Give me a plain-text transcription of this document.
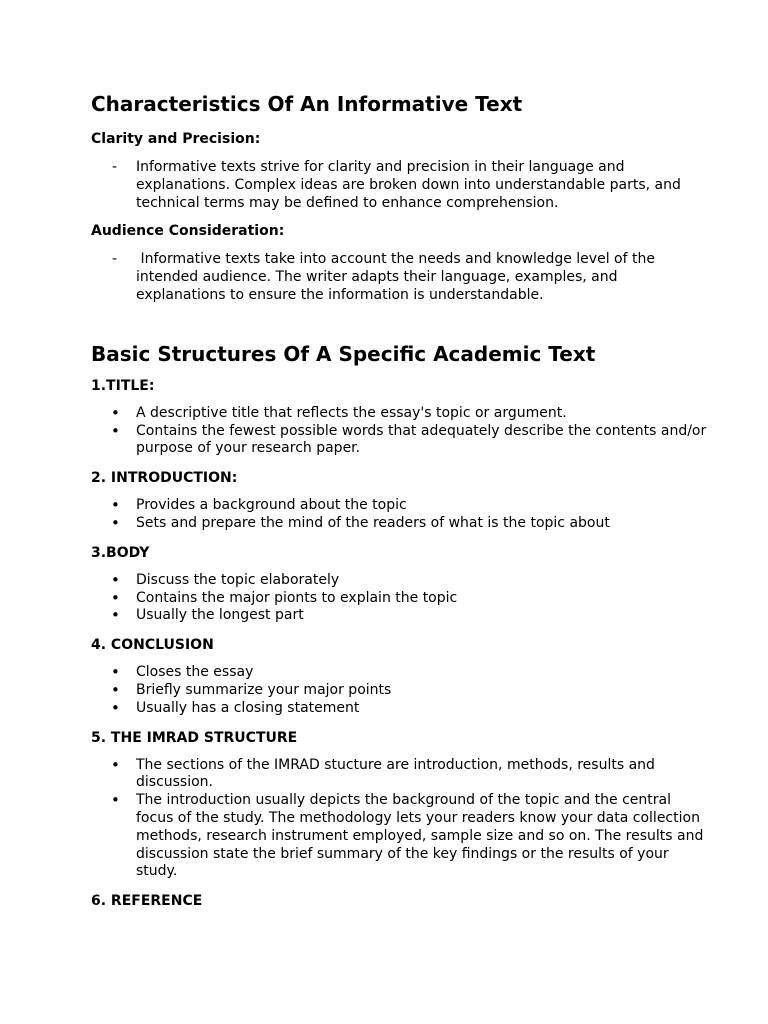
Characteristics Of An Informative Text
Clarity and Precision:
- Informative texts strive for clarity and precision in their language and explanations. Complex ideas are broken down into understandable parts, and technical terms may be defined to enhance comprehension.
Audience Consideration:
- Informative texts take into account the needs and knowledge level of the intended audience. The writer adapts their language, examples, and explanations to ensure the information is understandable.
Basic Structures Of A Specific Academic Text
1.TITLE:
• A descriptive title that reflects the essay's topic or argument.
• Contains the fewest possible words that adequately describe the contents and/or purpose of your research paper.
2. INTRODUCTION:
• Provides a background about the topic
• Sets and prepare the mind of the readers of what is the topic about
3.BODY
• Discuss the topic elaborately
• Contains the major pionts to explain the topic
• Usually the longest part
4. CONCLUSION
• Closes the essay
• Briefly summarize your major points
• Usually has a closing statement
5. THE IMRAD STRUCTURE
• The sections of the IMRAD stucture are introduction, methods, results and discussion.
• The introduction usually depicts the background of the topic and the central focus of the study. The methodology lets your readers know your data collection methods, research instrument employed, sample size and so on. The results and discussion state the brief summary of the key findings or the results of your study.
6. REFERENCE
